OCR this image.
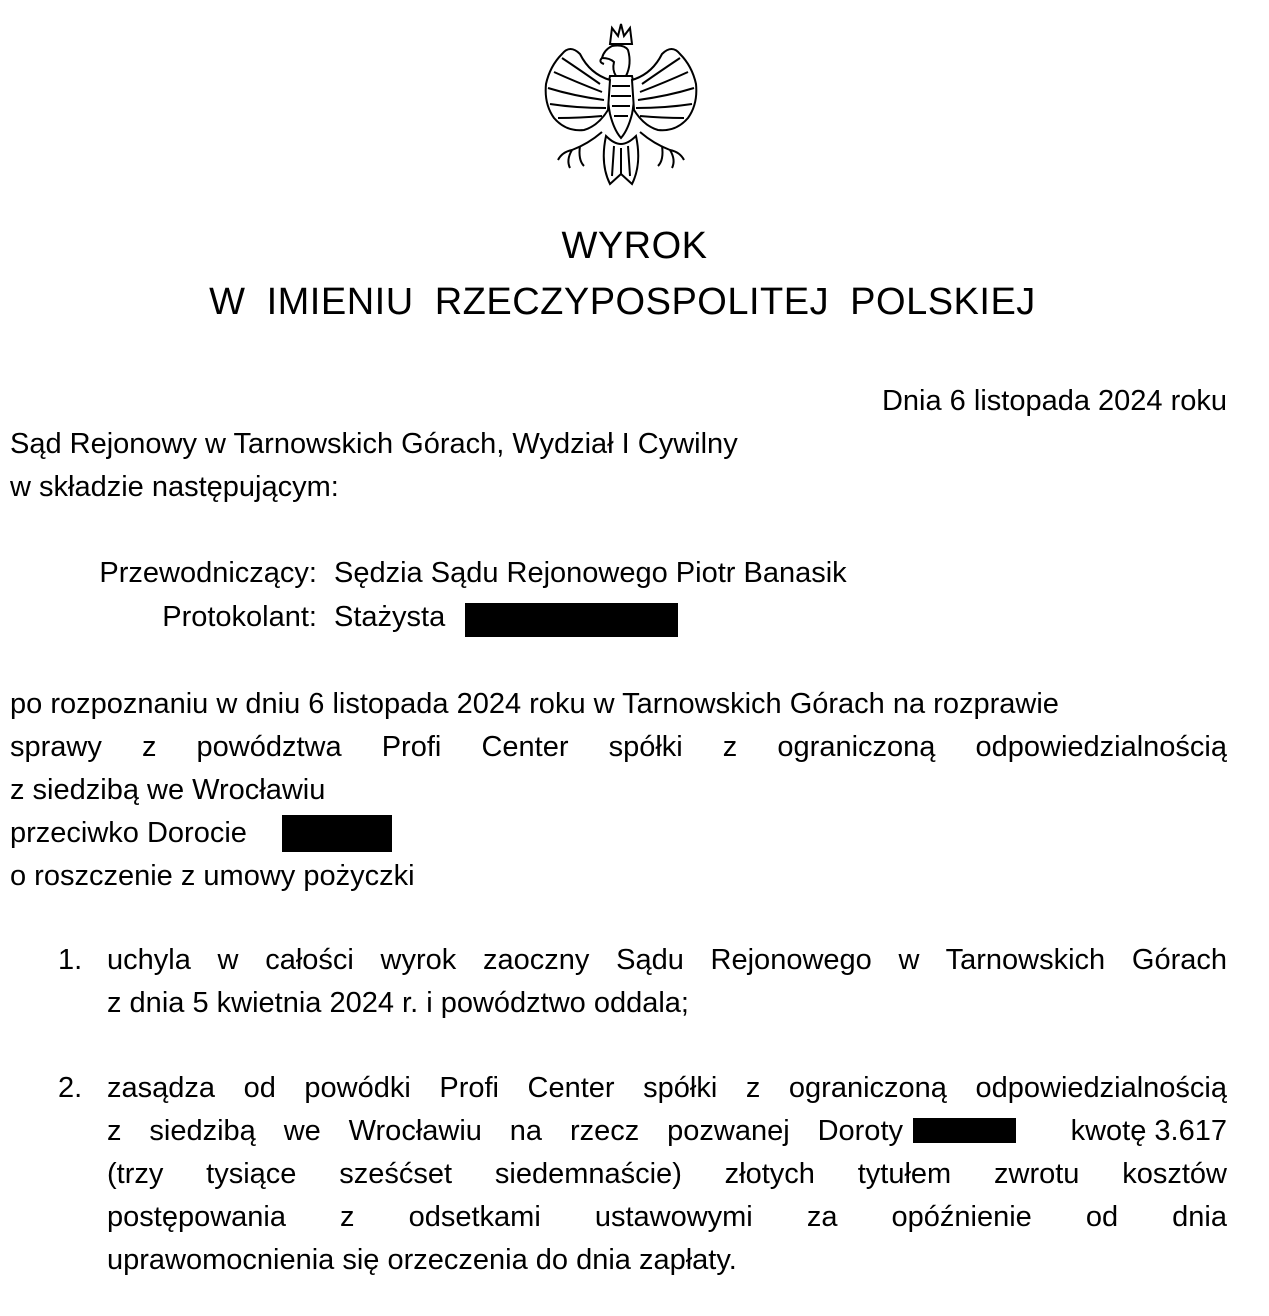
WYROK
W IMIENIU RZECZYPOSPOLITEJ POLSKIEJ
Dnia 6 listopada 2024 roku
Sąd Rejonowy w Tarnowskich Górach, Wydział I Cywilny
w składzie następującym:
Przewodniczący: Sędzia Sądu Rejonowego Piotr Banasik
Protokolant: Stażysta
po rozpoznaniu w dniu 6 listopada 2024 roku w Tarnowskich Górach na rozprawie
sprawy z powództwa Profi Center spółki z ograniczoną odpowiedzialnością
z siedzibą we Wrocławiu
przeciwko Dorocie
o roszczenie z umowy pożyczki
1. uchyla w całości wyrok zaoczny Sądu Rejonowego w Tarnowskich Górach
z dnia 5 kwietnia 2024 r. i powództwo oddala;
2. zasądza od powódki Profi Center spółki z ograniczoną odpowiedzialnością
z siedzibą we Wrocławiu na rzecz pozwanej Doroty	kwotę 3.617
(trzy tysiące sześćset siedemnaście) złotych tytułem zwrotu kosztów
postępowania z odsetkami ustawowymi za opóźnienie od dnia
uprawomocnienia się orzeczenia do dnia zapłaty.
